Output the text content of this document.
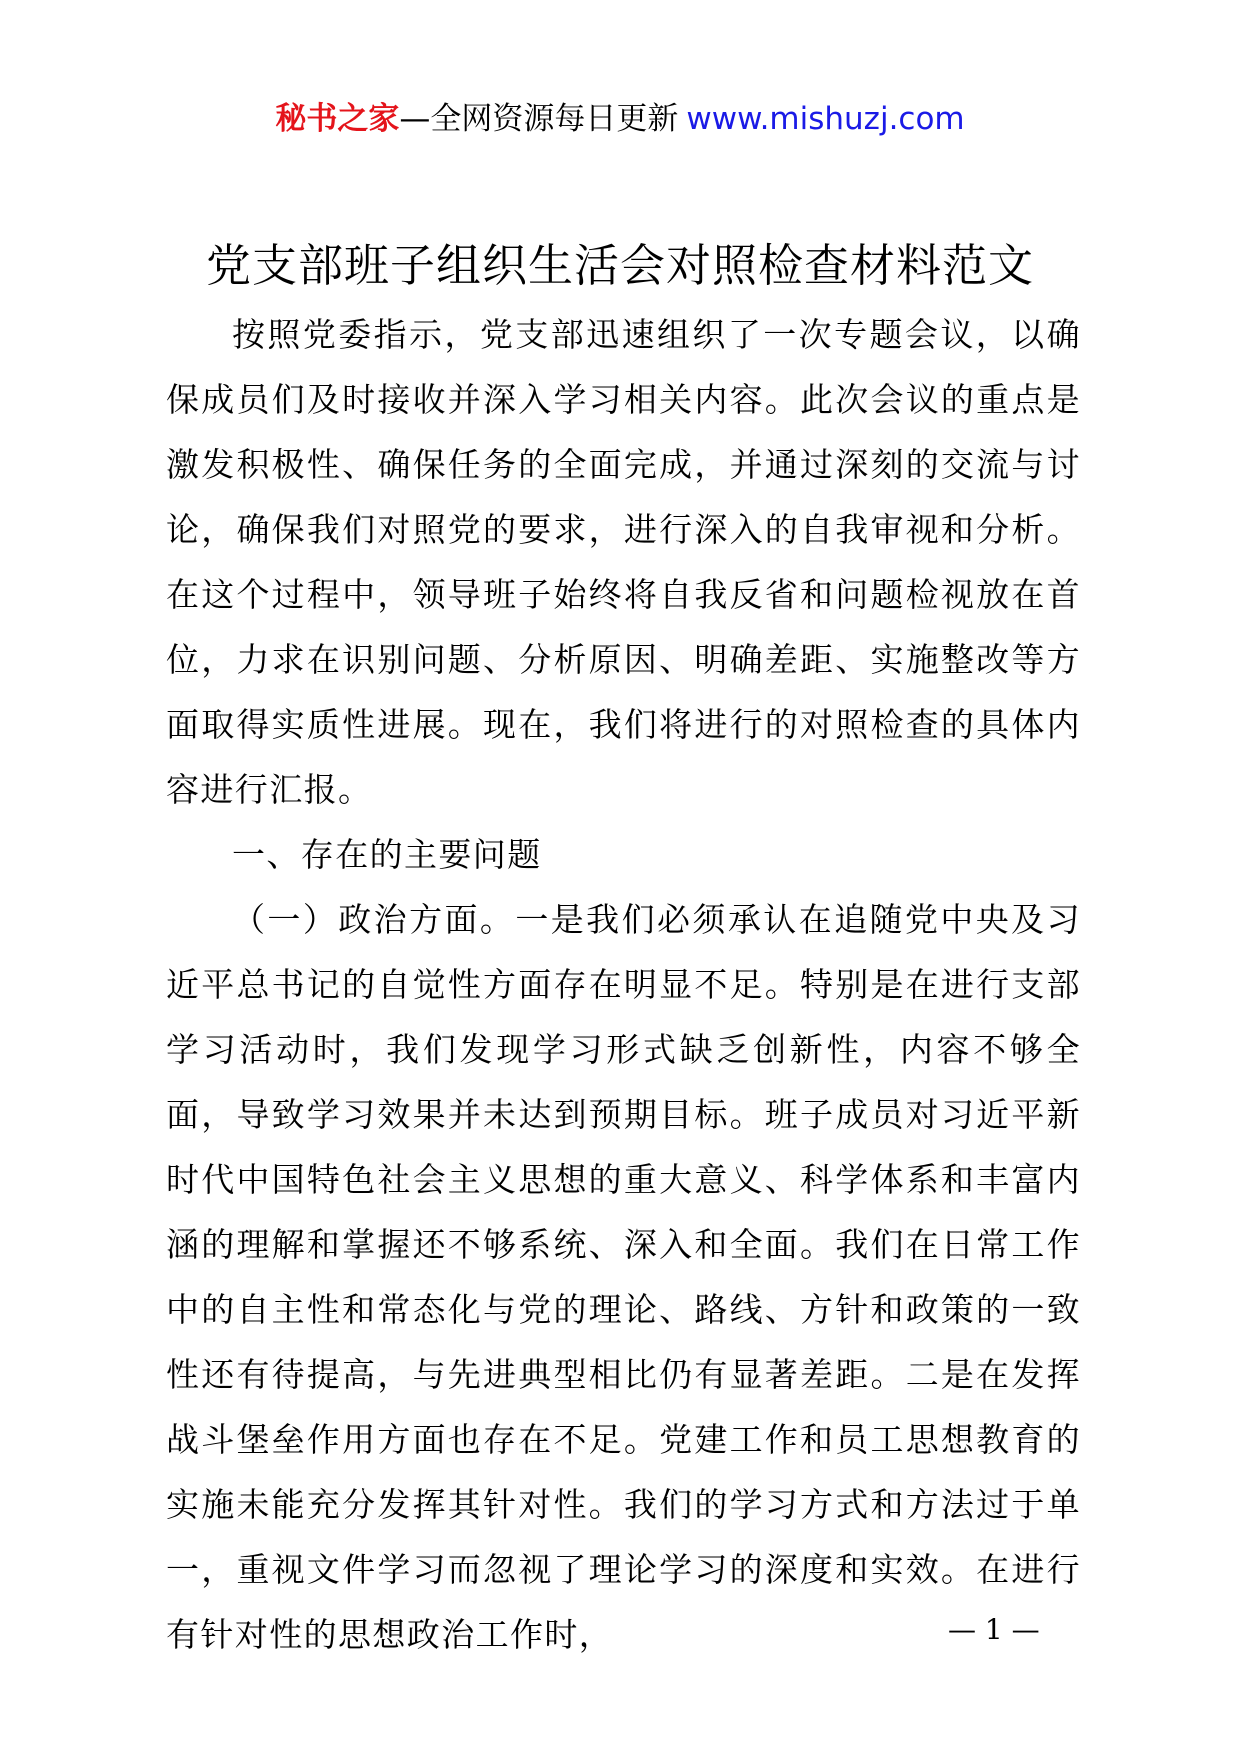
秘书之家—全网资源每日更新 www.mishuzj.com
党支部班子组织生活会对照检查材料范文

按照党委指示，党支部迅速组织了一次专题会议，以确保成员们及时接收并深入学习相关内容。此次会议的重点是激发积极性、确保任务的全面完成，并通过深刻的交流与讨论，确保我们对照党的要求，进行深入的自我审视和分析。在这个过程中，领导班子始终将自我反省和问题检视放在首位，力求在识别问题、分析原因、明确差距、实施整改等方面取得实质性进展。现在，我们将进行的对照检查的具体内容进行汇报。

一、存在的主要问题

（一）政治方面。一是我们必须承认在追随党中央及习近平总书记的自觉性方面存在明显不足。特别是在进行支部学习活动时，我们发现学习形式缺乏创新性，内容不够全面，导致学习效果并未达到预期目标。班子成员对习近平新时代中国特色社会主义思想的重大意义、科学体系和丰富内涵的理解和掌握还不够系统、深入和全面。我们在日常工作中的自主性和常态化与党的理论、路线、方针和政策的一致性还有待提高，与先进典型相比仍有显著差距。二是在发挥战斗堡垒作用方面也存在不足。党建工作和员工思想教育的实施未能充分发挥其针对性。我们的学习方式和方法过于单一，重视文件学习而忽视了理论学习的深度和实效。在进行有针对性的思想政治工作时，	— 1 —
